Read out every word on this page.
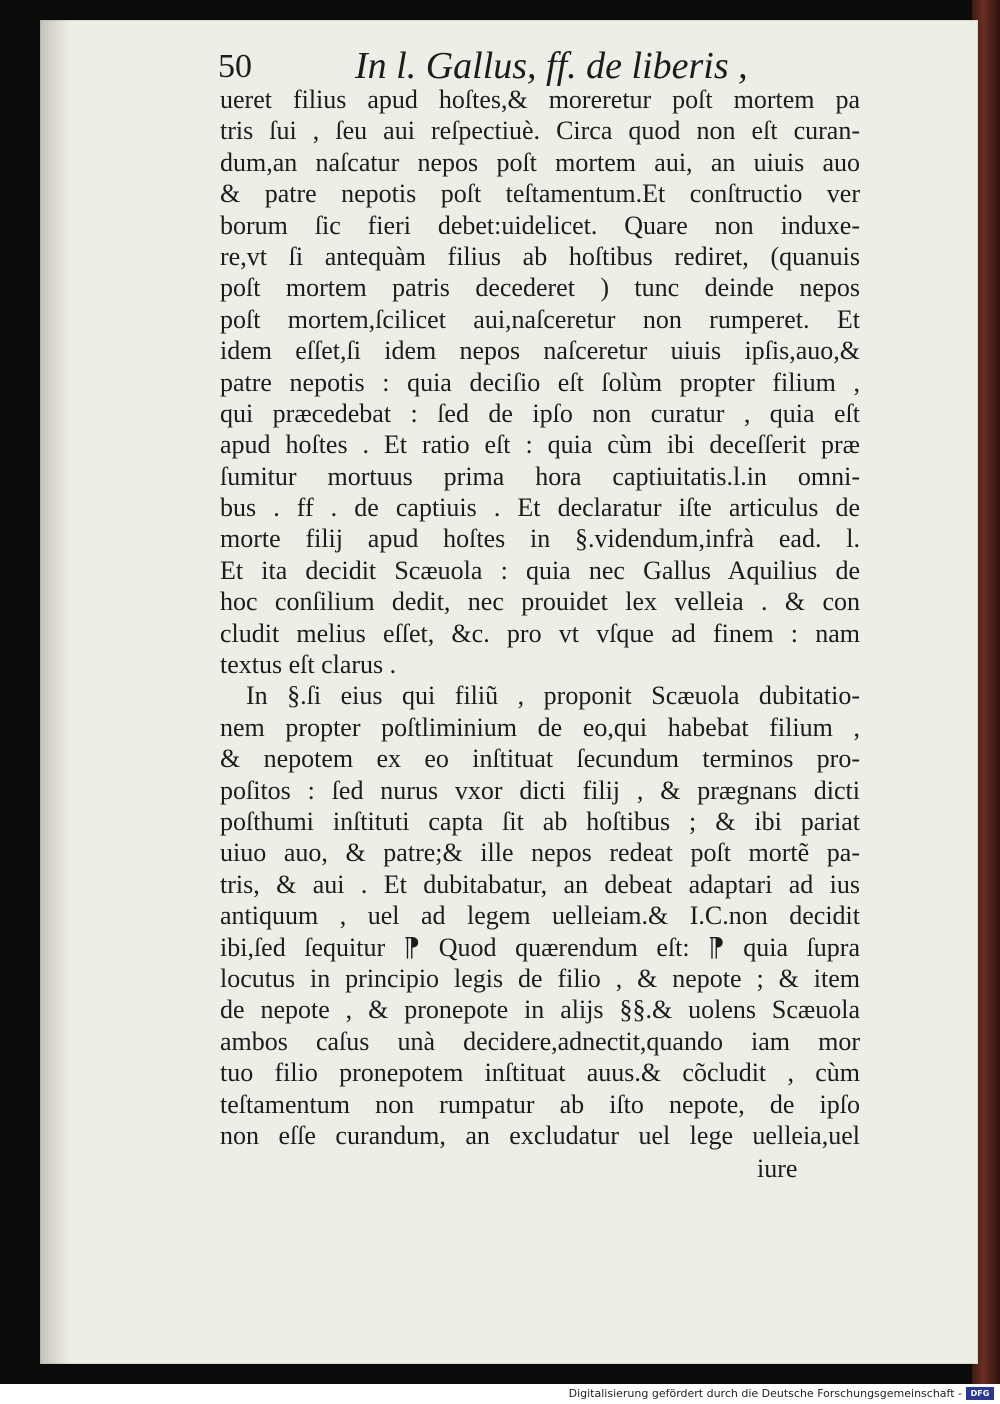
50	In l. Gallus, ff. de liberis ,
ueret filius apud hoſtes,& moreretur poſt mortem pa
tris ſui , ſeu aui reſpectiuè. Circa quod non eſt curan-
dum,an naſcatur nepos poſt mortem aui, an uiuis auo
& patre nepotis poſt teſtamentum.Et conſtructio ver
borum ſic fieri debet:uidelicet. Quare non induxe-
re,vt ſi antequàm filius ab hoſtibus rediret, (quanuis
poſt mortem patris decederet ) tunc deinde nepos
poſt mortem,ſcilicet aui,naſceretur non rumperet. Et
idem eſſet,ſi idem nepos naſceretur uiuis ipſis,auo,&
patre nepotis : quia deciſio eſt ſolùm propter filium ,
qui præcedebat : ſed de ipſo non curatur , quia eſt
apud hoſtes . Et ratio eſt : quia cùm ibi deceſſerit præ
ſumitur mortuus prima hora captiuitatis.l.in omni-
bus . ff . de captiuis . Et declaratur iſte articulus de
morte filij apud hoſtes in §.videndum,infrà ead. l.
Et ita decidit Scæuola : quia nec Gallus Aquilius de
hoc conſilium dedit, nec prouidet lex velleia . & con
cludit melius eſſet, &c. pro vt vſque ad finem : nam
textus eſt clarus .
In §.ſi eius qui filiũ , proponit Scæuola dubitatio-
nem propter poſtliminium de eo,qui habebat filium ,
& nepotem ex eo inſtituat ſecundum terminos pro-
poſitos : ſed nurus vxor dicti filij , & prægnans dicti
poſthumi inſtituti capta ſit ab hoſtibus ; & ibi pariat
uiuo auo, & patre;& ille nepos redeat poſt mortẽ pa-
tris, & aui . Et dubitabatur, an debeat adaptari ad ius
antiquum , uel ad legem uelleiam.& I.C.non decidit
ibi,ſed ſequitur ⁋ Quod quærendum eſt: ⁋ quia ſupra
locutus in principio legis de filio , & nepote ; & item
de nepote , & pronepote in alijs §§.& uolens Scæuola
ambos caſus unà decidere,adnectit,quando iam mor
tuo filio pronepotem inſtituat auus.& cõcludit , cùm
teſtamentum non rumpatur ab iſto nepote, de ipſo
non eſſe curandum, an excludatur uel lege uelleia,uel
iure
Digitalisierung gefördert durch die Deutsche Forschungsgemeinschaft -	DFG
